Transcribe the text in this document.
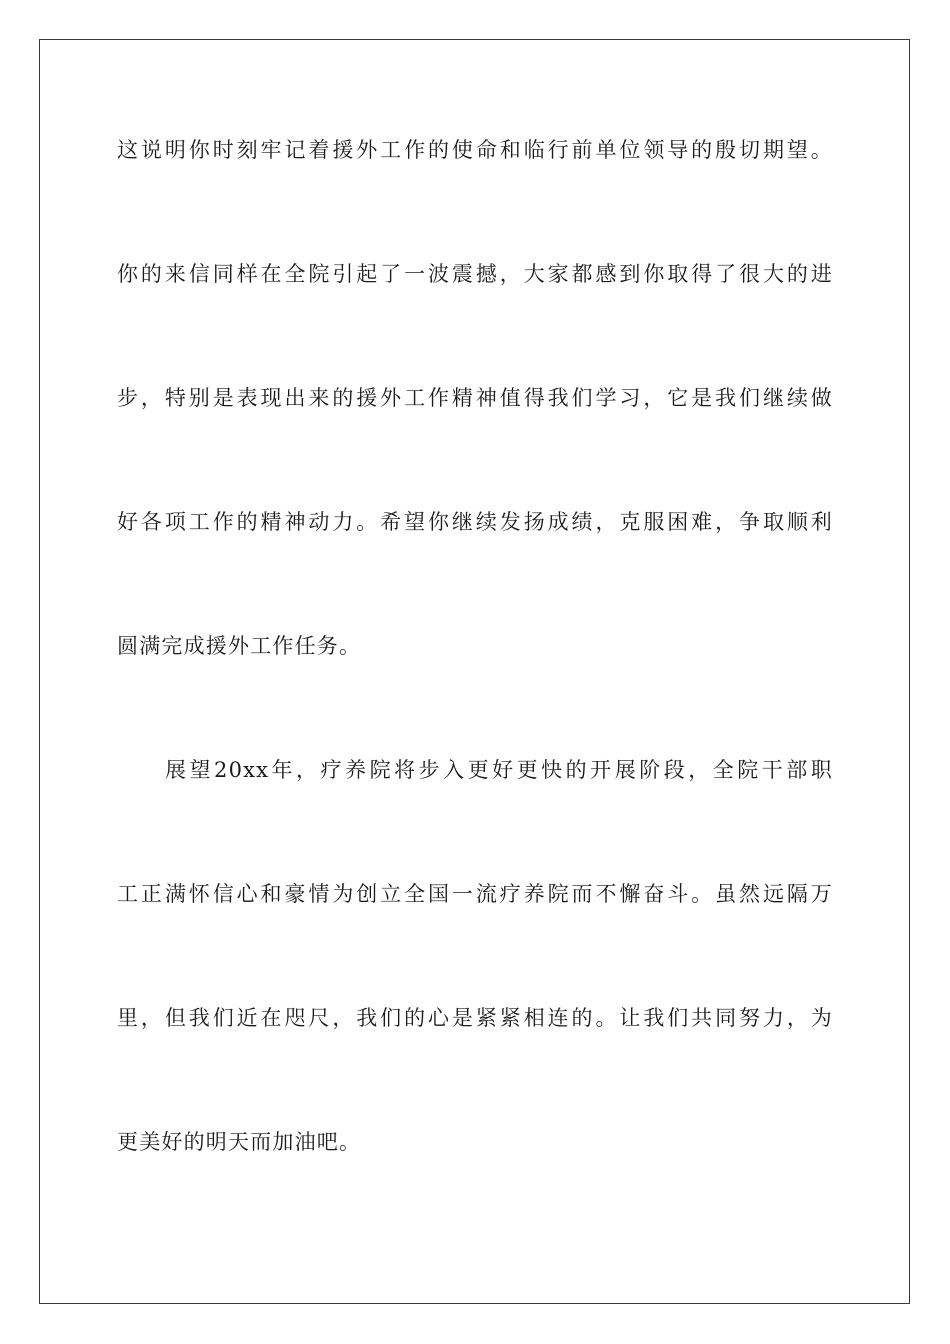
这说明你时刻牢记着援外工作的使命和临行前单位领导的殷切期望。
你的来信同样在全院引起了一波震撼，大家都感到你取得了很大的进
步，特别是表现出来的援外工作精神值得我们学习，它是我们继续做
好各项工作的精神动力。希望你继续发扬成绩，克服困难，争取顺利
圆满完成援外工作任务。
展望20xx年，疗养院将步入更好更快的开展阶段，全院干部职
工正满怀信心和豪情为创立全国一流疗养院而不懈奋斗。虽然远隔万
里，但我们近在咫尺，我们的心是紧紧相连的。让我们共同努力，为
更美好的明天而加油吧。
